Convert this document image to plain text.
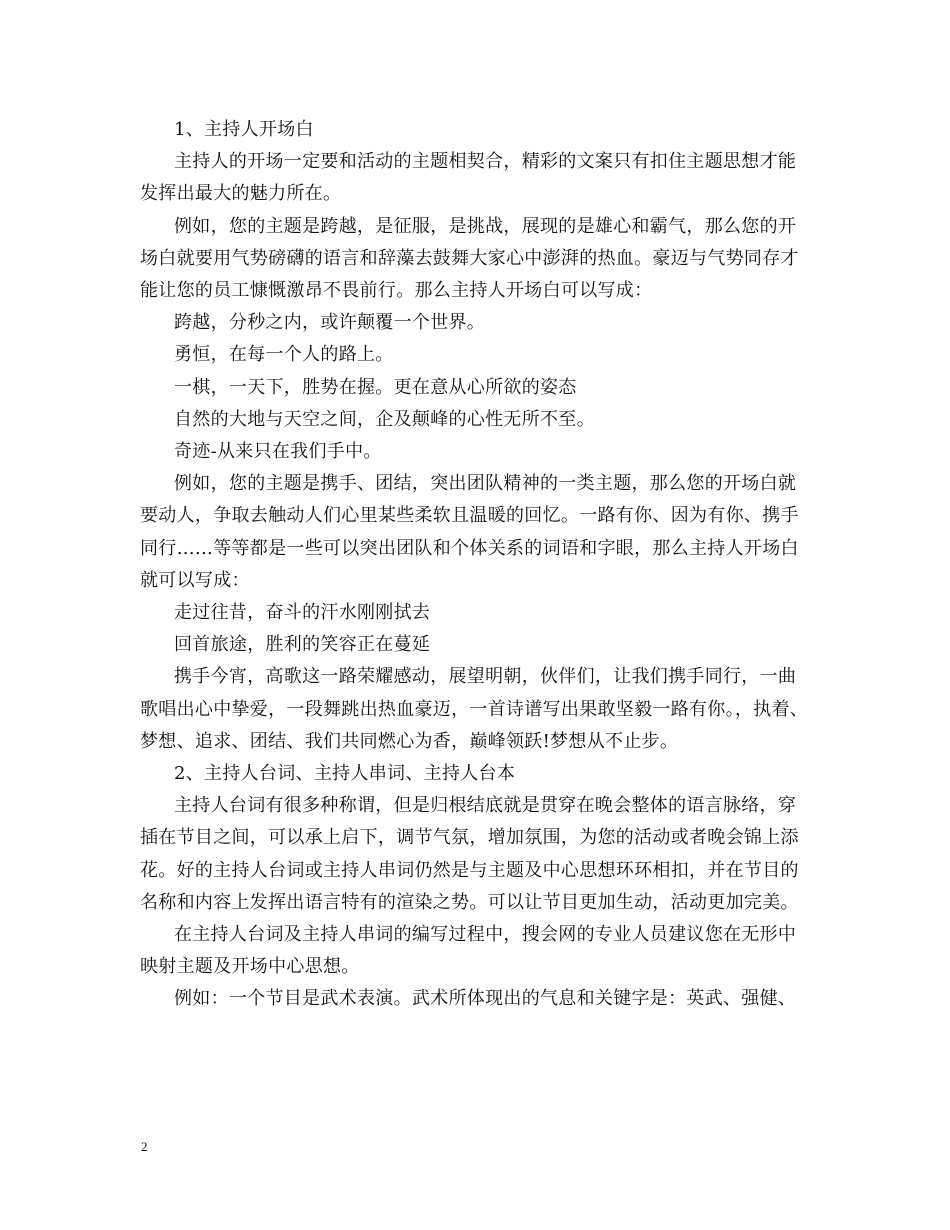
1、主持人开场白

主持人的开场一定要和活动的主题相契合，精彩的文案只有扣住主题思想才能发挥出最大的魅力所在。

例如，您的主题是跨越，是征服，是挑战，展现的是雄心和霸气，那么您的开场白就要用气势磅礴的语言和辞藻去鼓舞大家心中澎湃的热血。豪迈与气势同存才能让您的员工慷慨激昂不畏前行。那么主持人开场白可以写成：

跨越，分秒之内，或许颠覆一个世界。

勇恒，在每一个人的路上。

一棋，一天下，胜势在握。更在意从心所欲的姿态

自然的大地与天空之间，企及颠峰的心性无所不至。

奇迹-从来只在我们手中。

例如，您的主题是携手、团结，突出团队精神的一类主题，那么您的开场白就要动人，争取去触动人们心里某些柔软且温暖的回忆。一路有你、因为有你、携手同行……等等都是一些可以突出团队和个体关系的词语和字眼，那么主持人开场白就可以写成：

走过往昔，奋斗的汗水刚刚拭去

回首旅途，胜利的笑容正在蔓延

携手今宵，高歌这一路荣耀感动，展望明朝，伙伴们，让我们携手同行，一曲歌唱出心中挚爱，一段舞跳出热血豪迈，一首诗谱写出果敢坚毅一路有你。，执着、梦想、追求、团结、我们共同燃心为香，巅峰领跃!梦想从不止步。

2、主持人台词、主持人串词、主持人台本

主持人台词有很多种称谓，但是归根结底就是贯穿在晚会整体的语言脉络，穿插在节目之间，可以承上启下，调节气氛，增加氛围，为您的活动或者晚会锦上添花。好的主持人台词或主持人串词仍然是与主题及中心思想环环相扣，并在节目的名称和内容上发挥出语言特有的渲染之势。可以让节目更加生动，活动更加完美。

在主持人台词及主持人串词的编写过程中，搜会网的专业人员建议您在无形中映射主题及开场中心思想。

例如：一个节目是武术表演。武术所体现出的气息和关键字是：英武、强健、

2
